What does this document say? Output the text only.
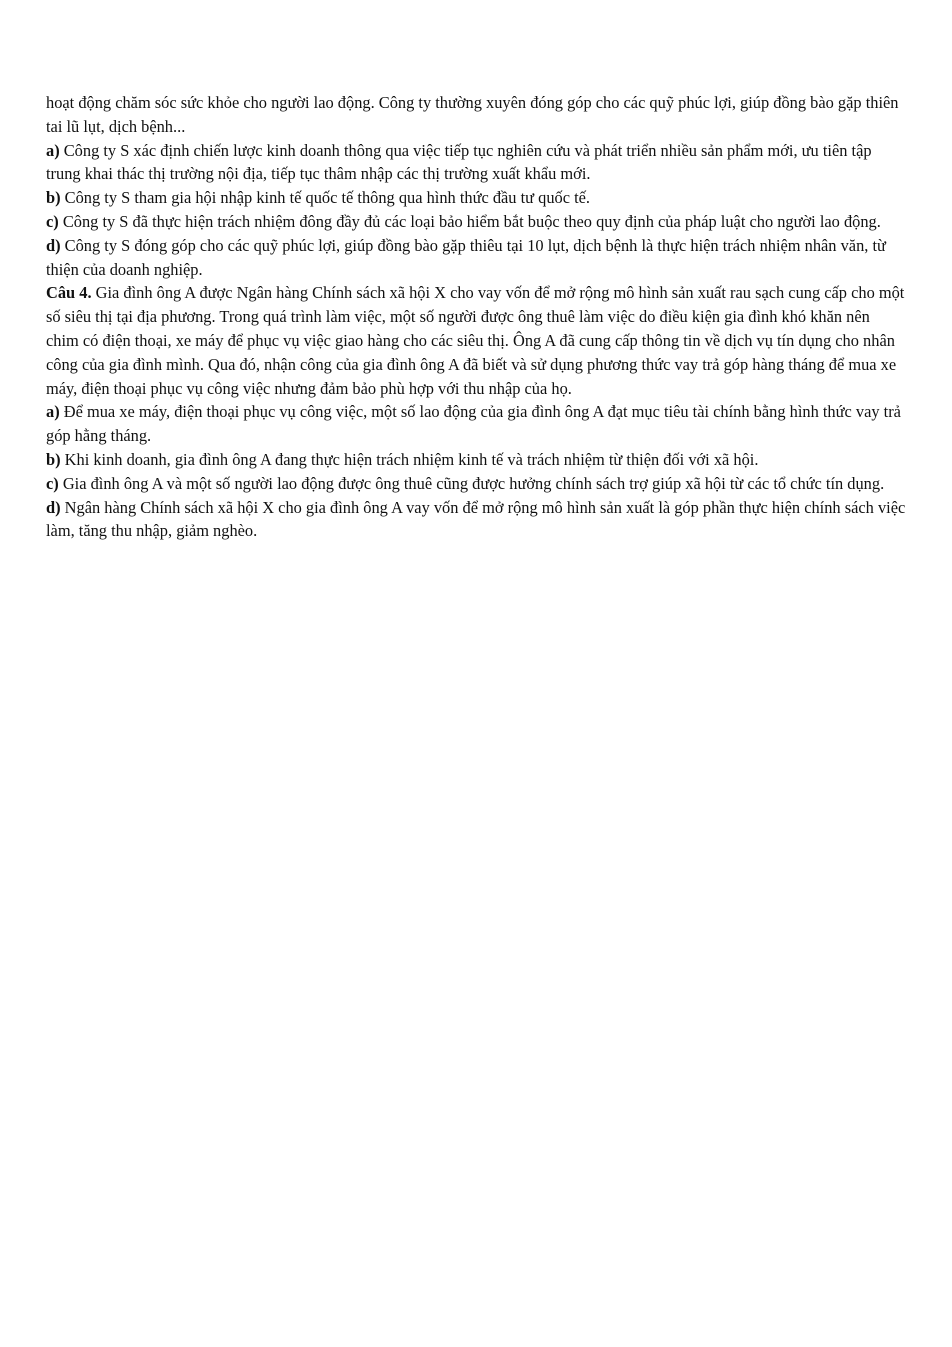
hoạt động chăm sóc sức khỏe cho người lao động. Công ty thường xuyên đóng góp cho các quỹ phúc lợi, giúp đồng bào gặp thiên tai lũ lụt, dịch bệnh...

a) Công ty S xác định chiến lược kinh doanh thông qua việc tiếp tục nghiên cứu và phát triển nhiều sản phẩm mới, ưu tiên tập trung khai thác thị trường nội địa, tiếp tục thâm nhập các thị trường xuất khẩu mới.

b) Công ty S tham gia hội nhập kinh tế quốc tế thông qua hình thức đầu tư quốc tế.

c) Công ty S đã thực hiện trách nhiệm đông đầy đủ các loại bảo hiểm bắt buộc theo quy định của pháp luật cho người lao động.

d) Công ty S đóng góp cho các quỹ phúc lợi, giúp đồng bào gặp thiêu tại 10 lụt, dịch bệnh là thực hiện trách nhiệm nhân văn, từ thiện của doanh nghiệp.

Câu 4. Gia đình ông A được Ngân hàng Chính sách xã hội X cho vay vốn để mở rộng mô hình sản xuất rau sạch cung cấp cho một số siêu thị tại địa phương. Trong quá trình làm việc, một số người được ông thuê làm việc do điều kiện gia đình khó khăn nên chim có điện thoại, xe máy để phục vụ việc giao hàng cho các siêu thị. Ông A đã cung cấp thông tin về dịch vụ tín dụng cho nhân công của gia đình mình. Qua đó, nhận công của gia đình ông A đã biết và sử dụng phương thức vay trả góp hàng tháng để mua xe máy, điện thoại phục vụ công việc nhưng đảm bảo phù hợp với thu nhập của họ.

a) Để mua xe máy, điện thoại phục vụ công việc, một số lao động của gia đình ông A đạt mục tiêu tài chính bằng hình thức vay trả góp hằng tháng.

b) Khi kinh doanh, gia đình ông A đang thực hiện trách nhiệm kinh tế và trách nhiệm từ thiện đối với xã hội.

c) Gia đình ông A và một số người lao động được ông thuê cũng được hưởng chính sách trợ giúp xã hội từ các tổ chức tín dụng.

d) Ngân hàng Chính sách xã hội X cho gia đình ông A vay vốn để mở rộng mô hình sản xuất là góp phần thực hiện chính sách việc làm, tăng thu nhập, giảm nghèo.
